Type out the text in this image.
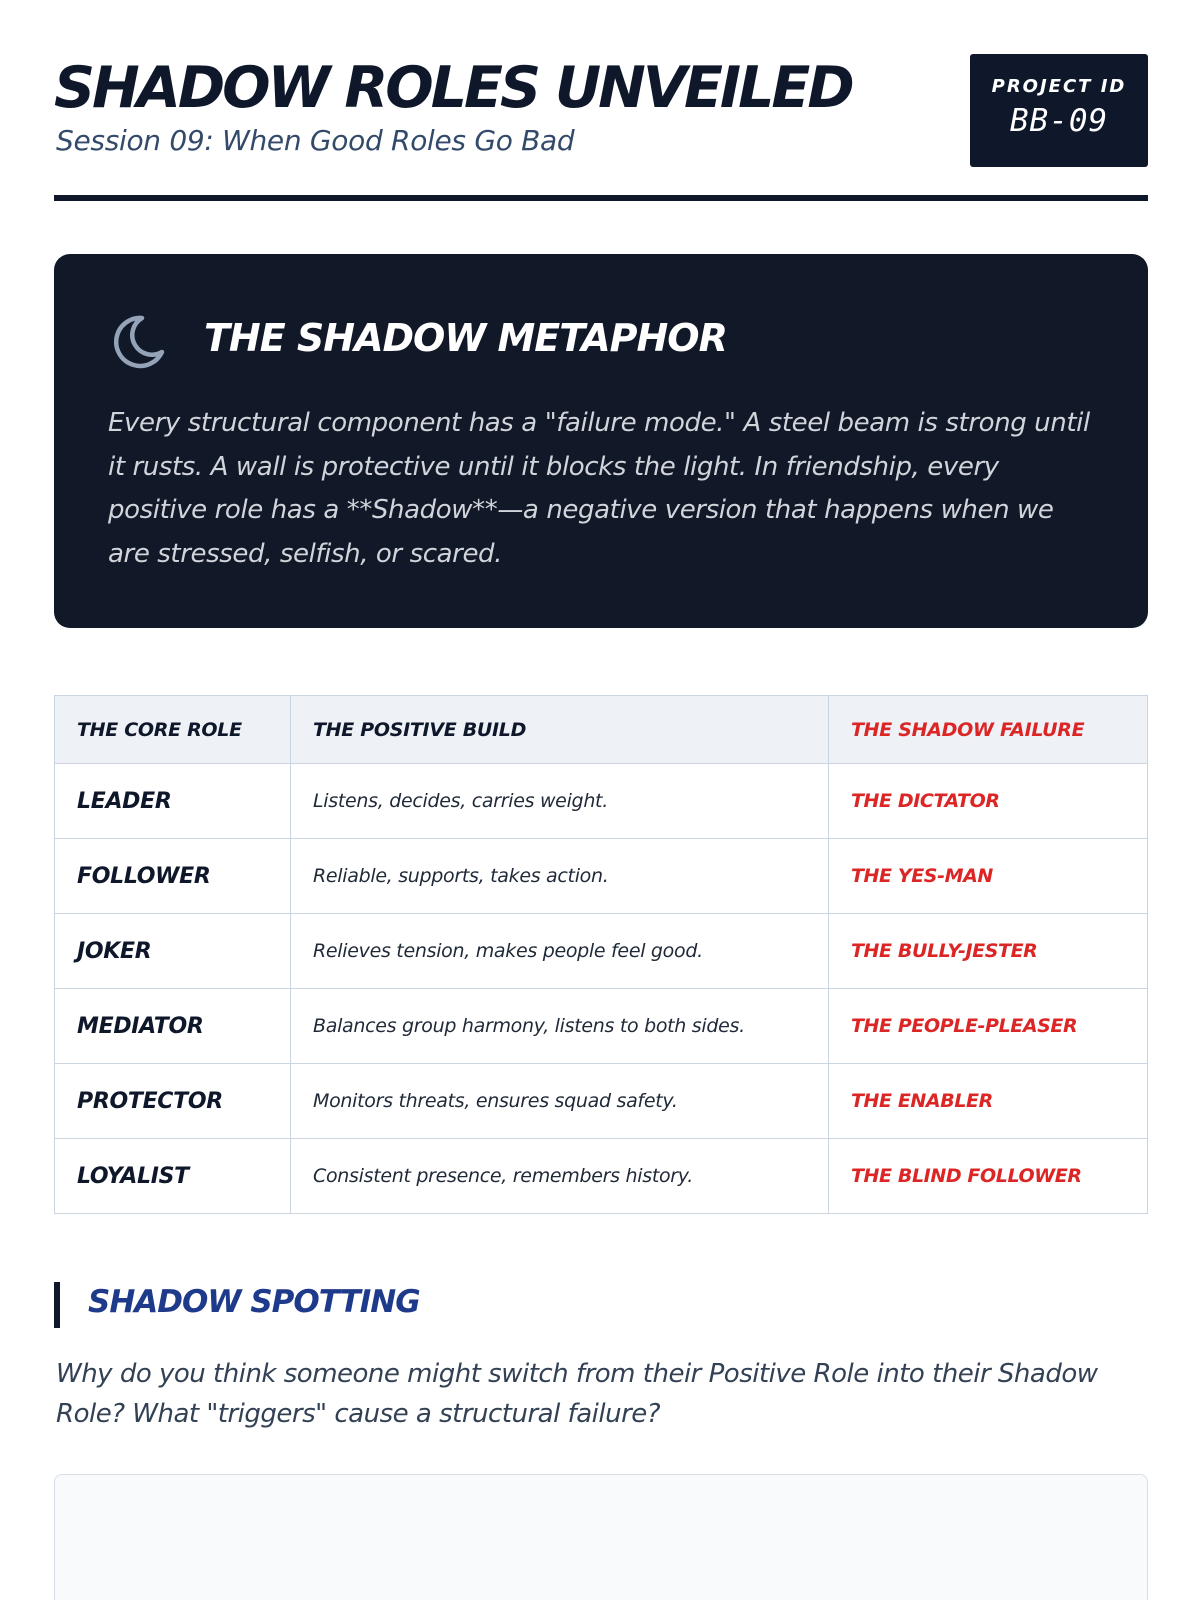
SHADOW ROLES UNVEILED
Session 09: When Good Roles Go Bad
PROJECT ID
BB-09
THE SHADOW METAPHOR

Every structural component has a "failure mode." A steel beam is strong until it rusts. A wall is protective until it blocks the light. In friendship, every positive role has a **Shadow**—a negative version that happens when we are stressed, selfish, or scared.

THE CORE ROLE	THE POSITIVE BUILD	THE SHADOW FAILURE
LEADER	Listens, decides, carries weight.	THE DICTATOR
FOLLOWER	Reliable, supports, takes action.	THE YES-MAN
JOKER	Relieves tension, makes people feel good.	THE BULLY-JESTER
MEDIATOR	Balances group harmony, listens to both sides.	THE PEOPLE-PLEASER
PROTECTOR	Monitors threats, ensures squad safety.	THE ENABLER
LOYALIST	Consistent presence, remembers history.	THE BLIND FOLLOWER
SHADOW SPOTTING

Why do you think someone might switch from their Positive Role into their Shadow Role? What "triggers" cause a structural failure?
